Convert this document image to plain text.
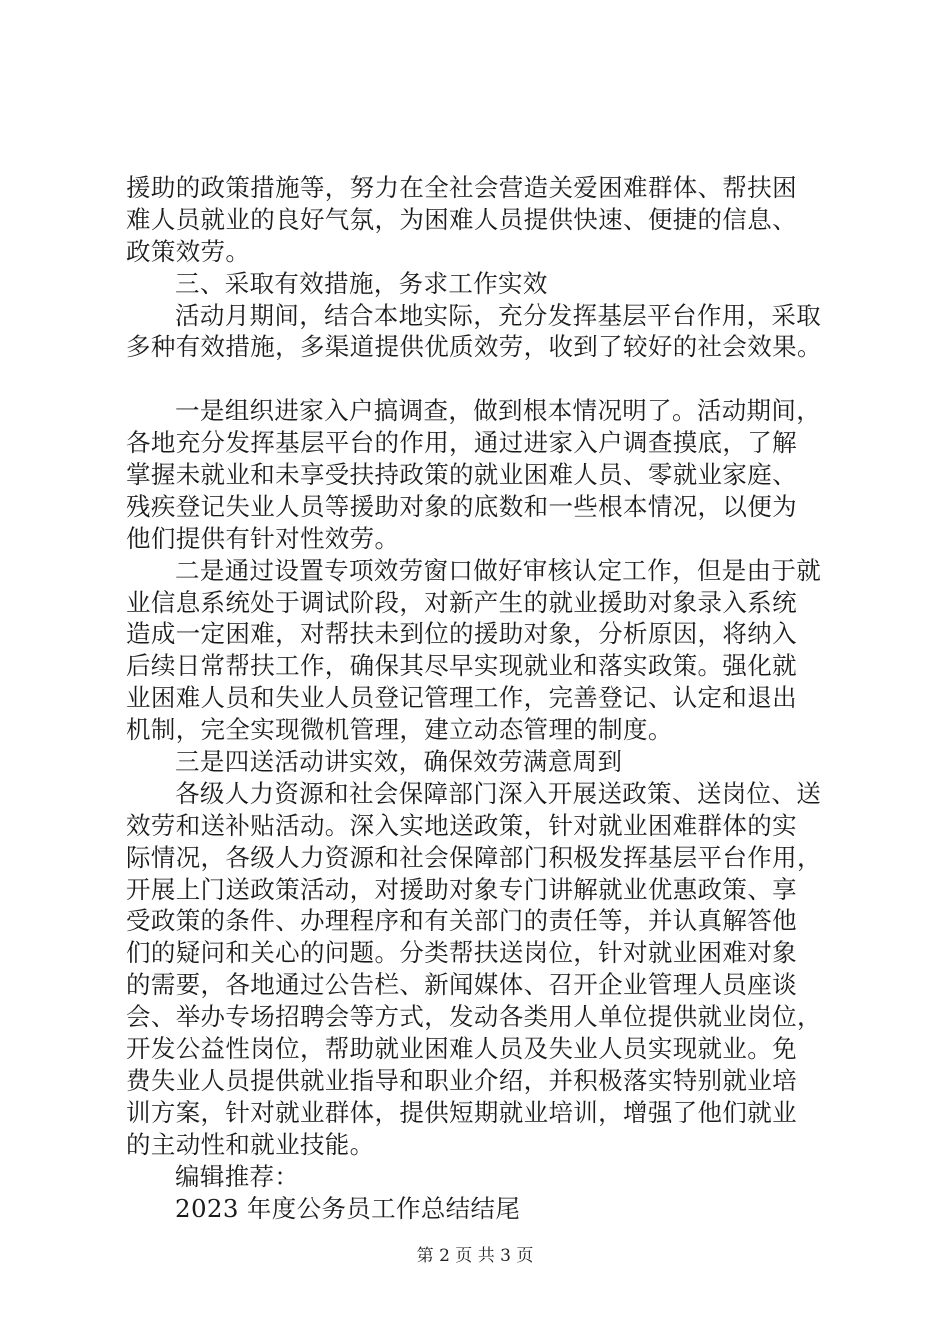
援助的政策措施等，努力在全社会营造关爱困难群体、帮扶困
难人员就业的良好气氛，为困难人员提供快速、便捷的信息、
政策效劳。
三、采取有效措施，务求工作实效
活动月期间，结合本地实际，充分发挥基层平台作用，采取
多种有效措施，多渠道提供优质效劳，收到了较好的社会效果。
一是组织进家入户搞调查，做到根本情况明了。活动期间，
各地充分发挥基层平台的作用，通过进家入户调查摸底，了解
掌握未就业和未享受扶持政策的就业困难人员、零就业家庭、
残疾登记失业人员等援助对象的底数和一些根本情况，以便为
他们提供有针对性效劳。
二是通过设置专项效劳窗口做好审核认定工作，但是由于就
业信息系统处于调试阶段，对新产生的就业援助对象录入系统
造成一定困难，对帮扶未到位的援助对象，分析原因，将纳入
后续日常帮扶工作，确保其尽早实现就业和落实政策。强化就
业困难人员和失业人员登记管理工作，完善登记、认定和退出
机制，完全实现微机管理，建立动态管理的制度。
三是四送活动讲实效，确保效劳满意周到
各级人力资源和社会保障部门深入开展送政策、送岗位、送
效劳和送补贴活动。深入实地送政策，针对就业困难群体的实
际情况，各级人力资源和社会保障部门积极发挥基层平台作用，
开展上门送政策活动，对援助对象专门讲解就业优惠政策、享
受政策的条件、办理程序和有关部门的责任等，并认真解答他
们的疑问和关心的问题。分类帮扶送岗位，针对就业困难对象
的需要，各地通过公告栏、新闻媒体、召开企业管理人员座谈
会、举办专场招聘会等方式，发动各类用人单位提供就业岗位，
开发公益性岗位，帮助就业困难人员及失业人员实现就业。免
费失业人员提供就业指导和职业介绍，并积极落实特别就业培
训方案，针对就业群体，提供短期就业培训，增强了他们就业
的主动性和就业技能。
编辑推荐：
2023 年度公务员工作总结结尾
第 2 页 共 3 页
